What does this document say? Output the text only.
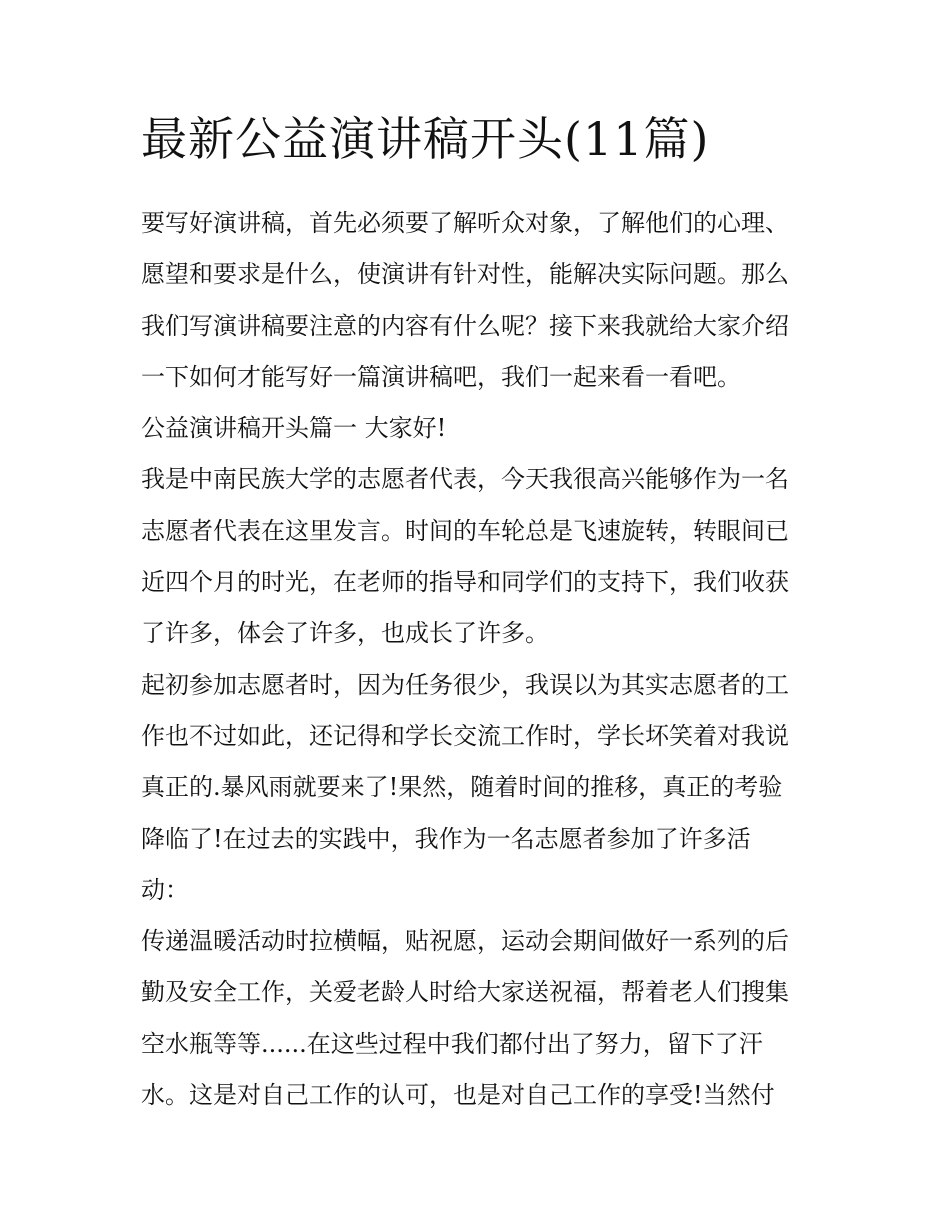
最新公益演讲稿开头(11篇)

要写好演讲稿，首先必须要了解听众对象，了解他们的心理、
愿望和要求是什么，使演讲有针对性，能解决实际问题。那么
我们写演讲稿要注意的内容有什么呢？接下来我就给大家介绍
一下如何才能写好一篇演讲稿吧，我们一起来看一看吧。

公益演讲稿开头篇一 大家好!

我是中南民族大学的志愿者代表，今天我很高兴能够作为一名
志愿者代表在这里发言。时间的车轮总是飞速旋转，转眼间已
近四个月的时光，在老师的指导和同学们的支持下，我们收获
了许多，体会了许多，也成长了许多。

起初参加志愿者时，因为任务很少，我误以为其实志愿者的工
作也不过如此，还记得和学长交流工作时，学长坏笑着对我说
真正的.暴风雨就要来了!果然，随着时间的推移，真正的考验
降临了!在过去的实践中，我作为一名志愿者参加了许多活
动：

传递温暖活动时拉横幅，贴祝愿，运动会期间做好一系列的后
勤及安全工作，关爱老龄人时给大家送祝福，帮着老人们搜集
空水瓶等等......在这些过程中我们都付出了努力，留下了汗
水。这是对自己工作的认可，也是对自己工作的享受!当然付
